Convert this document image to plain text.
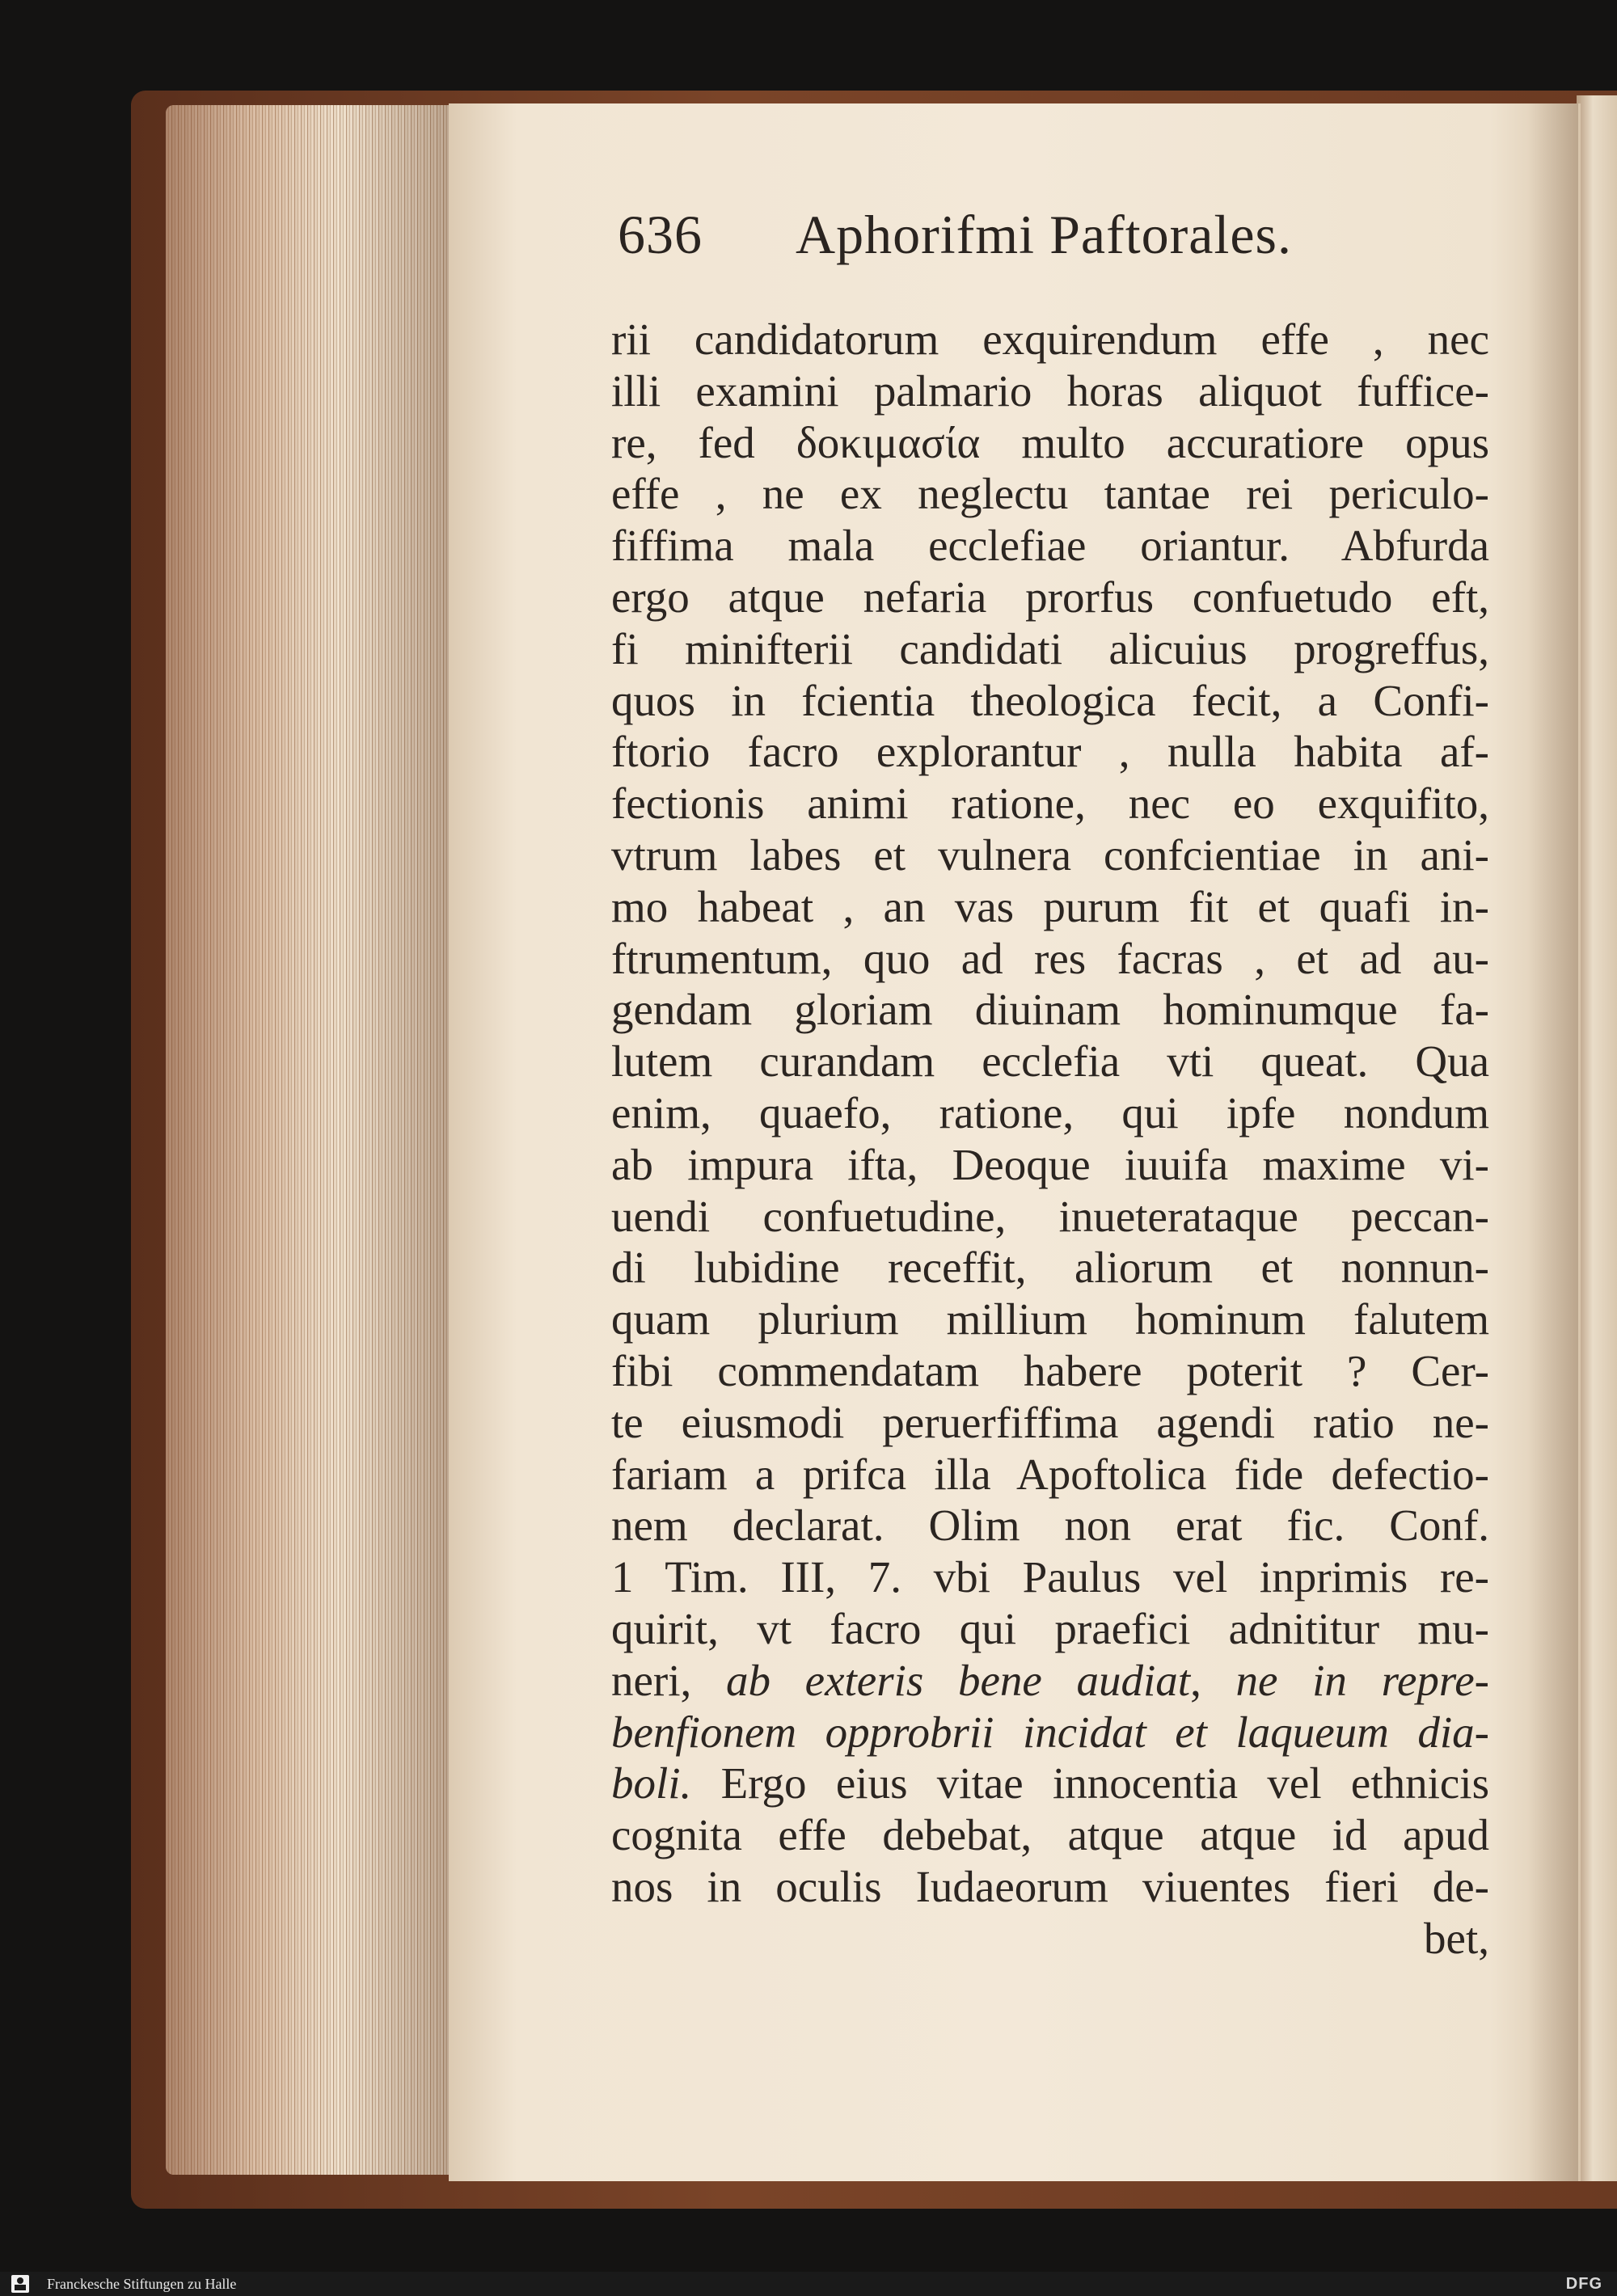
636 Aphorifmi Paftorales.
rii candidatorum exquirendum effe , nec
illi examini palmario horas aliquot fuffice-
re, fed δοκιμασία multo accuratiore opus
effe , ne ex neglectu tantae rei periculo-
fiffima mala ecclefiae oriantur. Abfurda
ergo atque nefaria prorfus confuetudo eft,
fi minifterii candidati alicuius progreffus,
quos in fcientia theologica fecit, a Confi-
ftorio facro explorantur , nulla habita af-
fectionis animi ratione, nec eo exquifito,
vtrum labes et vulnera confcientiae in ani-
mo habeat , an vas purum fit et quafi in-
ftrumentum, quo ad res facras , et ad au-
gendam gloriam diuinam hominumque fa-
lutem curandam ecclefia vti queat. Qua
enim, quaefo, ratione, qui ipfe nondum
ab impura ifta, Deoque iuuifa maxime vi-
uendi confuetudine, inueterataque peccan-
di lubidine receffit, aliorum et nonnun-
quam plurium millium hominum falutem
fibi commendatam habere poterit ? Cer-
te eiusmodi peruerfiffima agendi ratio ne-
fariam a prifca illa Apoftolica fide defectio-
nem declarat. Olim non erat fic. Conf.
1 Tim. III, 7. vbi Paulus vel inprimis re-
quirit, vt facro qui praefici adnititur mu-
neri, ab exteris bene audiat, ne in repre-
benfionem opprobrii incidat et laqueum dia-
boli. Ergo eius vitae innocentia vel ethnicis
cognita effe debebat, atque atque id apud
nos in oculis Iudaeorum viuentes fieri de-
bet,
Franckesche Stiftungen zu Halle	DFG
